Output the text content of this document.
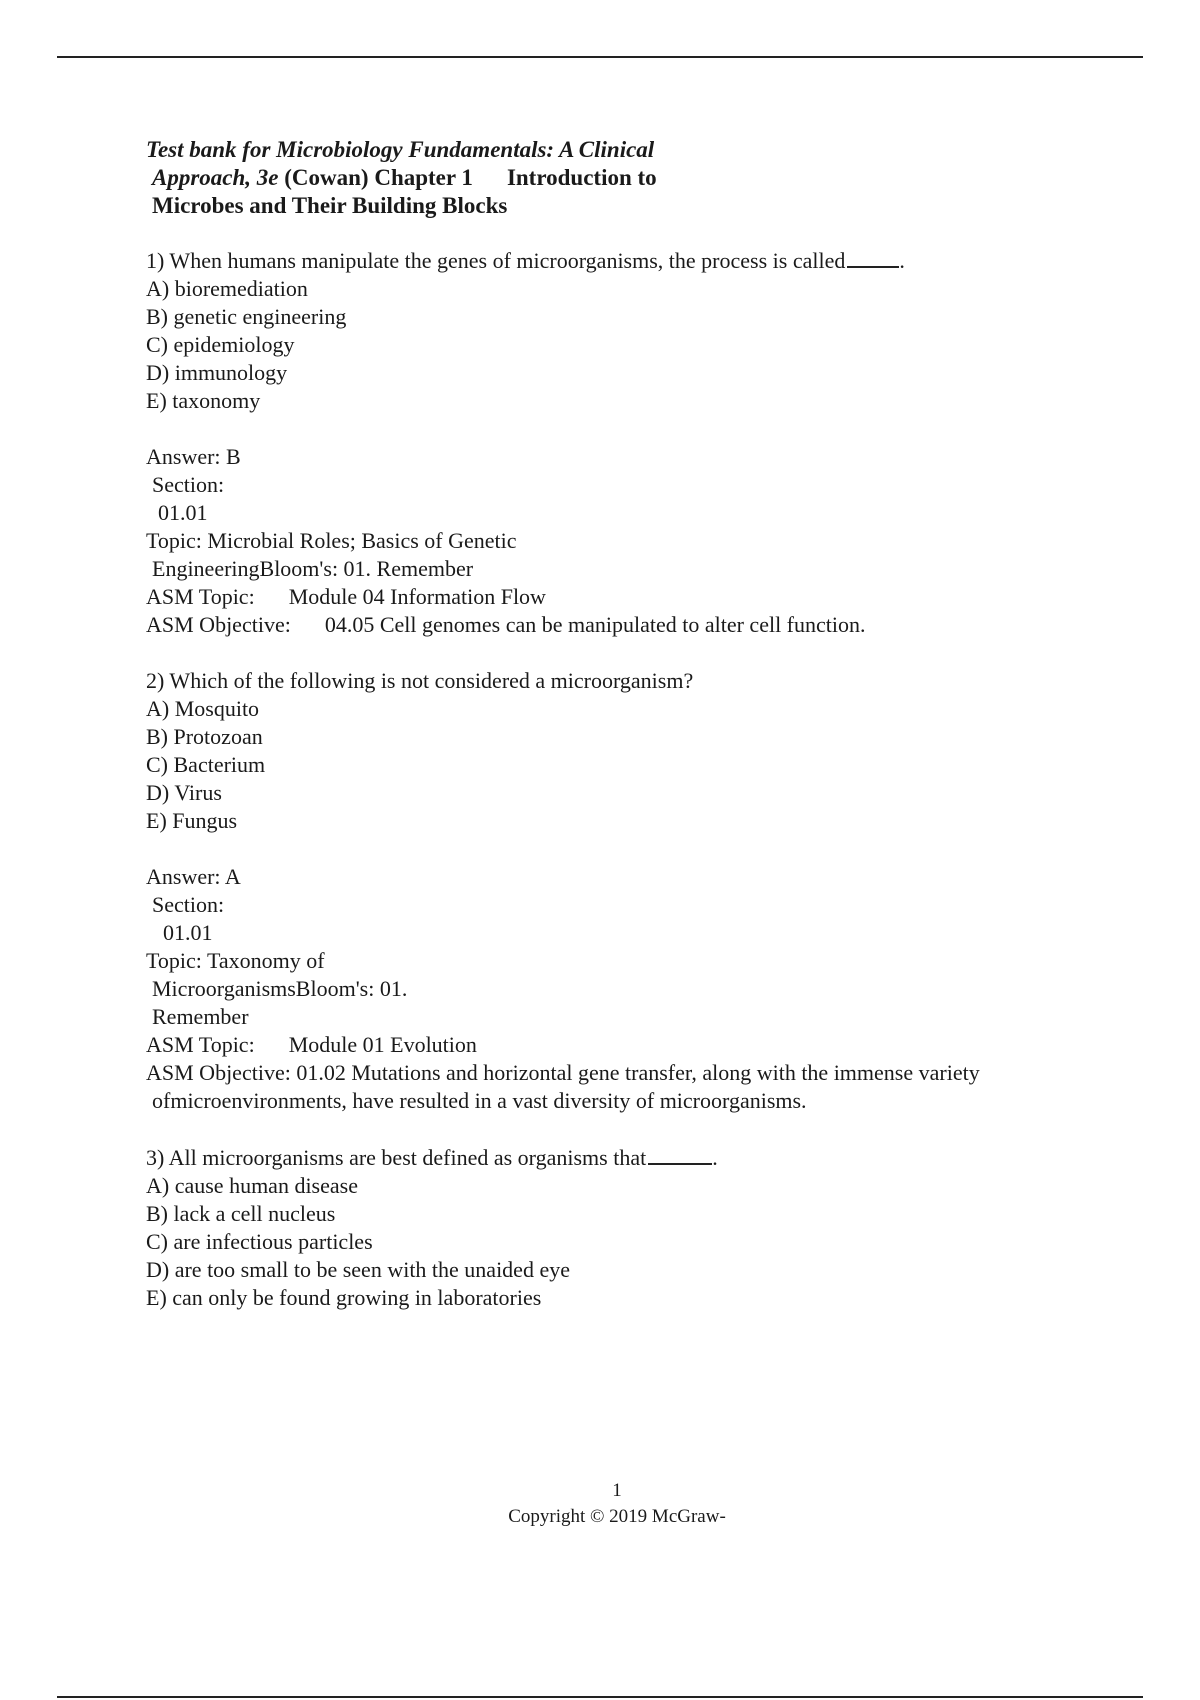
Test bank for Microbiology Fundamentals: A Clinical
Approach, 3e (Cowan) Chapter 1 Introduction to
Microbes and Their Building Blocks
1) When humans manipulate the genes of microorganisms, the process is called .
A) bioremediation
B) genetic engineering
C) epidemiology
D) immunology
E) taxonomy
Answer: B
Section:
01.01
Topic: Microbial Roles; Basics of Genetic
EngineeringBloom's: 01. Remember
ASM Topic: Module 04 Information Flow
ASM Objective: 04.05 Cell genomes can be manipulated to alter cell function.
2) Which of the following is not considered a microorganism?
A) Mosquito
B) Protozoan
C) Bacterium
D) Virus
E) Fungus
Answer: A
Section:
01.01
Topic: Taxonomy of
MicroorganismsBloom's: 01.
Remember
ASM Topic: Module 01 Evolution
ASM Objective: 01.02 Mutations and horizontal gene transfer, along with the immense variety
ofmicroenvironments, have resulted in a vast diversity of microorganisms.
3) All microorganisms are best defined as organisms that	.
A) cause human disease
B) lack a cell nucleus
C) are infectious particles
D) are too small to be seen with the unaided eye
E) can only be found growing in laboratories
1
Copyright © 2019 McGraw-
